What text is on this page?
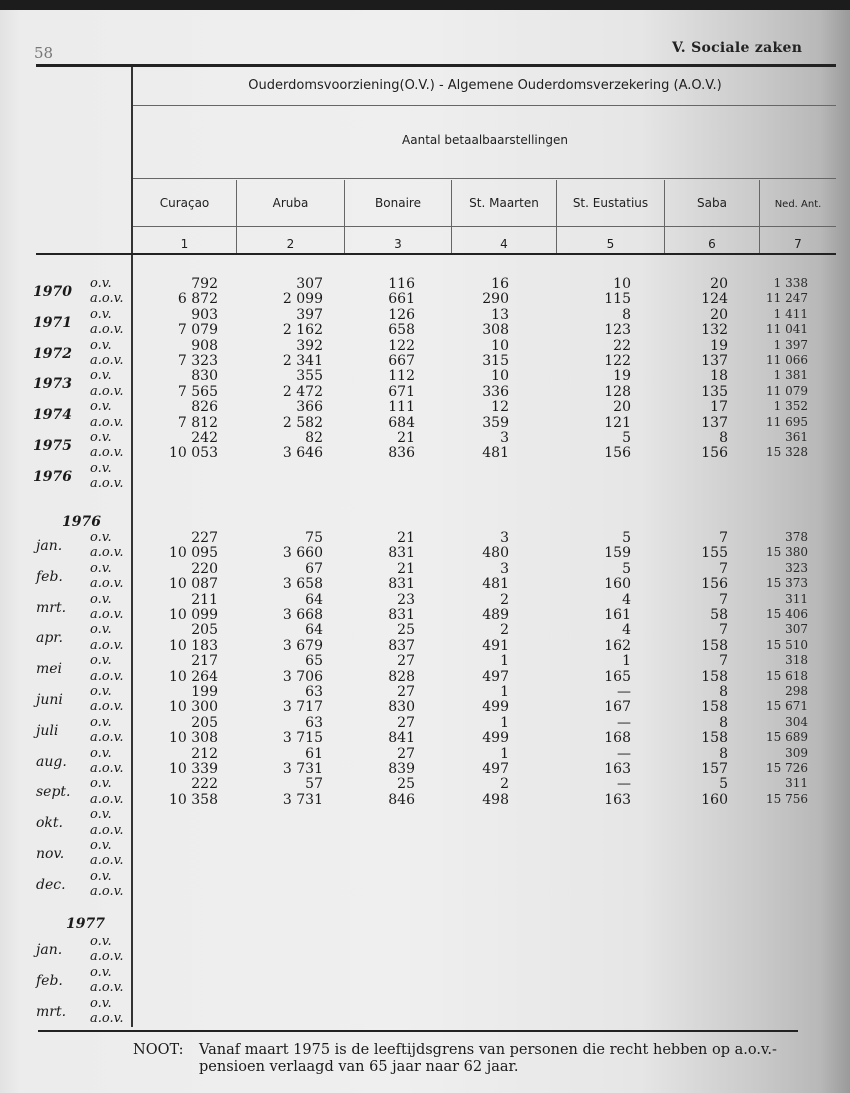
58	V. Sociale zaken
Ouderdomsvoorziening(O.V.) - Algemene Ouderdomsverzekering (A.O.V.)
Aantal betaalbaarstellingen
Curaçao	Aruba	Bonaire	St. Maarten	St. Eustatius	Saba	Ned. Ant.
1	2	3	4	5	6	7
1970
o.v.	792	307	116	16	10	20	1 338
a.o.v.	6 872	2 099	661	290	115	124	11 247
1971
o.v.	903	397	126	13	8	20	1 411
a.o.v.	7 079	2 162	658	308	123	132	11 041
1972
o.v.	908	392	122	10	22	19	1 397
a.o.v.	7 323	2 341	667	315	122	137	11 066
1973
o.v.	830	355	112	10	19	18	1 381
a.o.v.	7 565	2 472	671	336	128	135	11 079
1974
o.v.	826	366	111	12	20	17	1 352
a.o.v.	7 812	2 582	684	359	121	137	11 695
1975
o.v.	242	82	21	3	5	8	361
a.o.v.	10 053	3 646	836	481	156	156	15 328
1976
o.v.
a.o.v.
1976
jan.
o.v.	227	75	21	3	5	7	378
a.o.v.	10 095	3 660	831	480	159	155	15 380
feb.
o.v.	220	67	21	3	5	7	323
a.o.v.	10 087	3 658	831	481	160	156	15 373
mrt.
o.v.	211	64	23	2	4	7	311
a.o.v.	10 099	3 668	831	489	161	58	15 406
apr.
o.v.	205	64	25	2	4	7	307
a.o.v.	10 183	3 679	837	491	162	158	15 510
mei
o.v.	217	65	27	1	1	7	318
a.o.v.	10 264	3 706	828	497	165	158	15 618
juni
o.v.	199	63	27	1	—	8	298
a.o.v.	10 300	3 717	830	499	167	158	15 671
juli
o.v.	205	63	27	1	—	8	304
a.o.v.	10 308	3 715	841	499	168	158	15 689
aug.
o.v.	212	61	27	1	—	8	309
a.o.v.	10 339	3 731	839	497	163	157	15 726
sept.
o.v.	222	57	25	2	—	5	311
a.o.v.	10 358	3 731	846	498	163	160	15 756
okt.
o.v.
a.o.v.
nov.
o.v.
a.o.v.
dec.
o.v.
a.o.v.
1977
jan.
o.v.
a.o.v.
feb.
o.v.
a.o.v.
mrt.
o.v.
a.o.v.
NOOT: Vanaf maart 1975 is de leeftijdsgrens van personen die recht hebben op a.o.v.-
pensioen verlaagd van 65 jaar naar 62 jaar.
